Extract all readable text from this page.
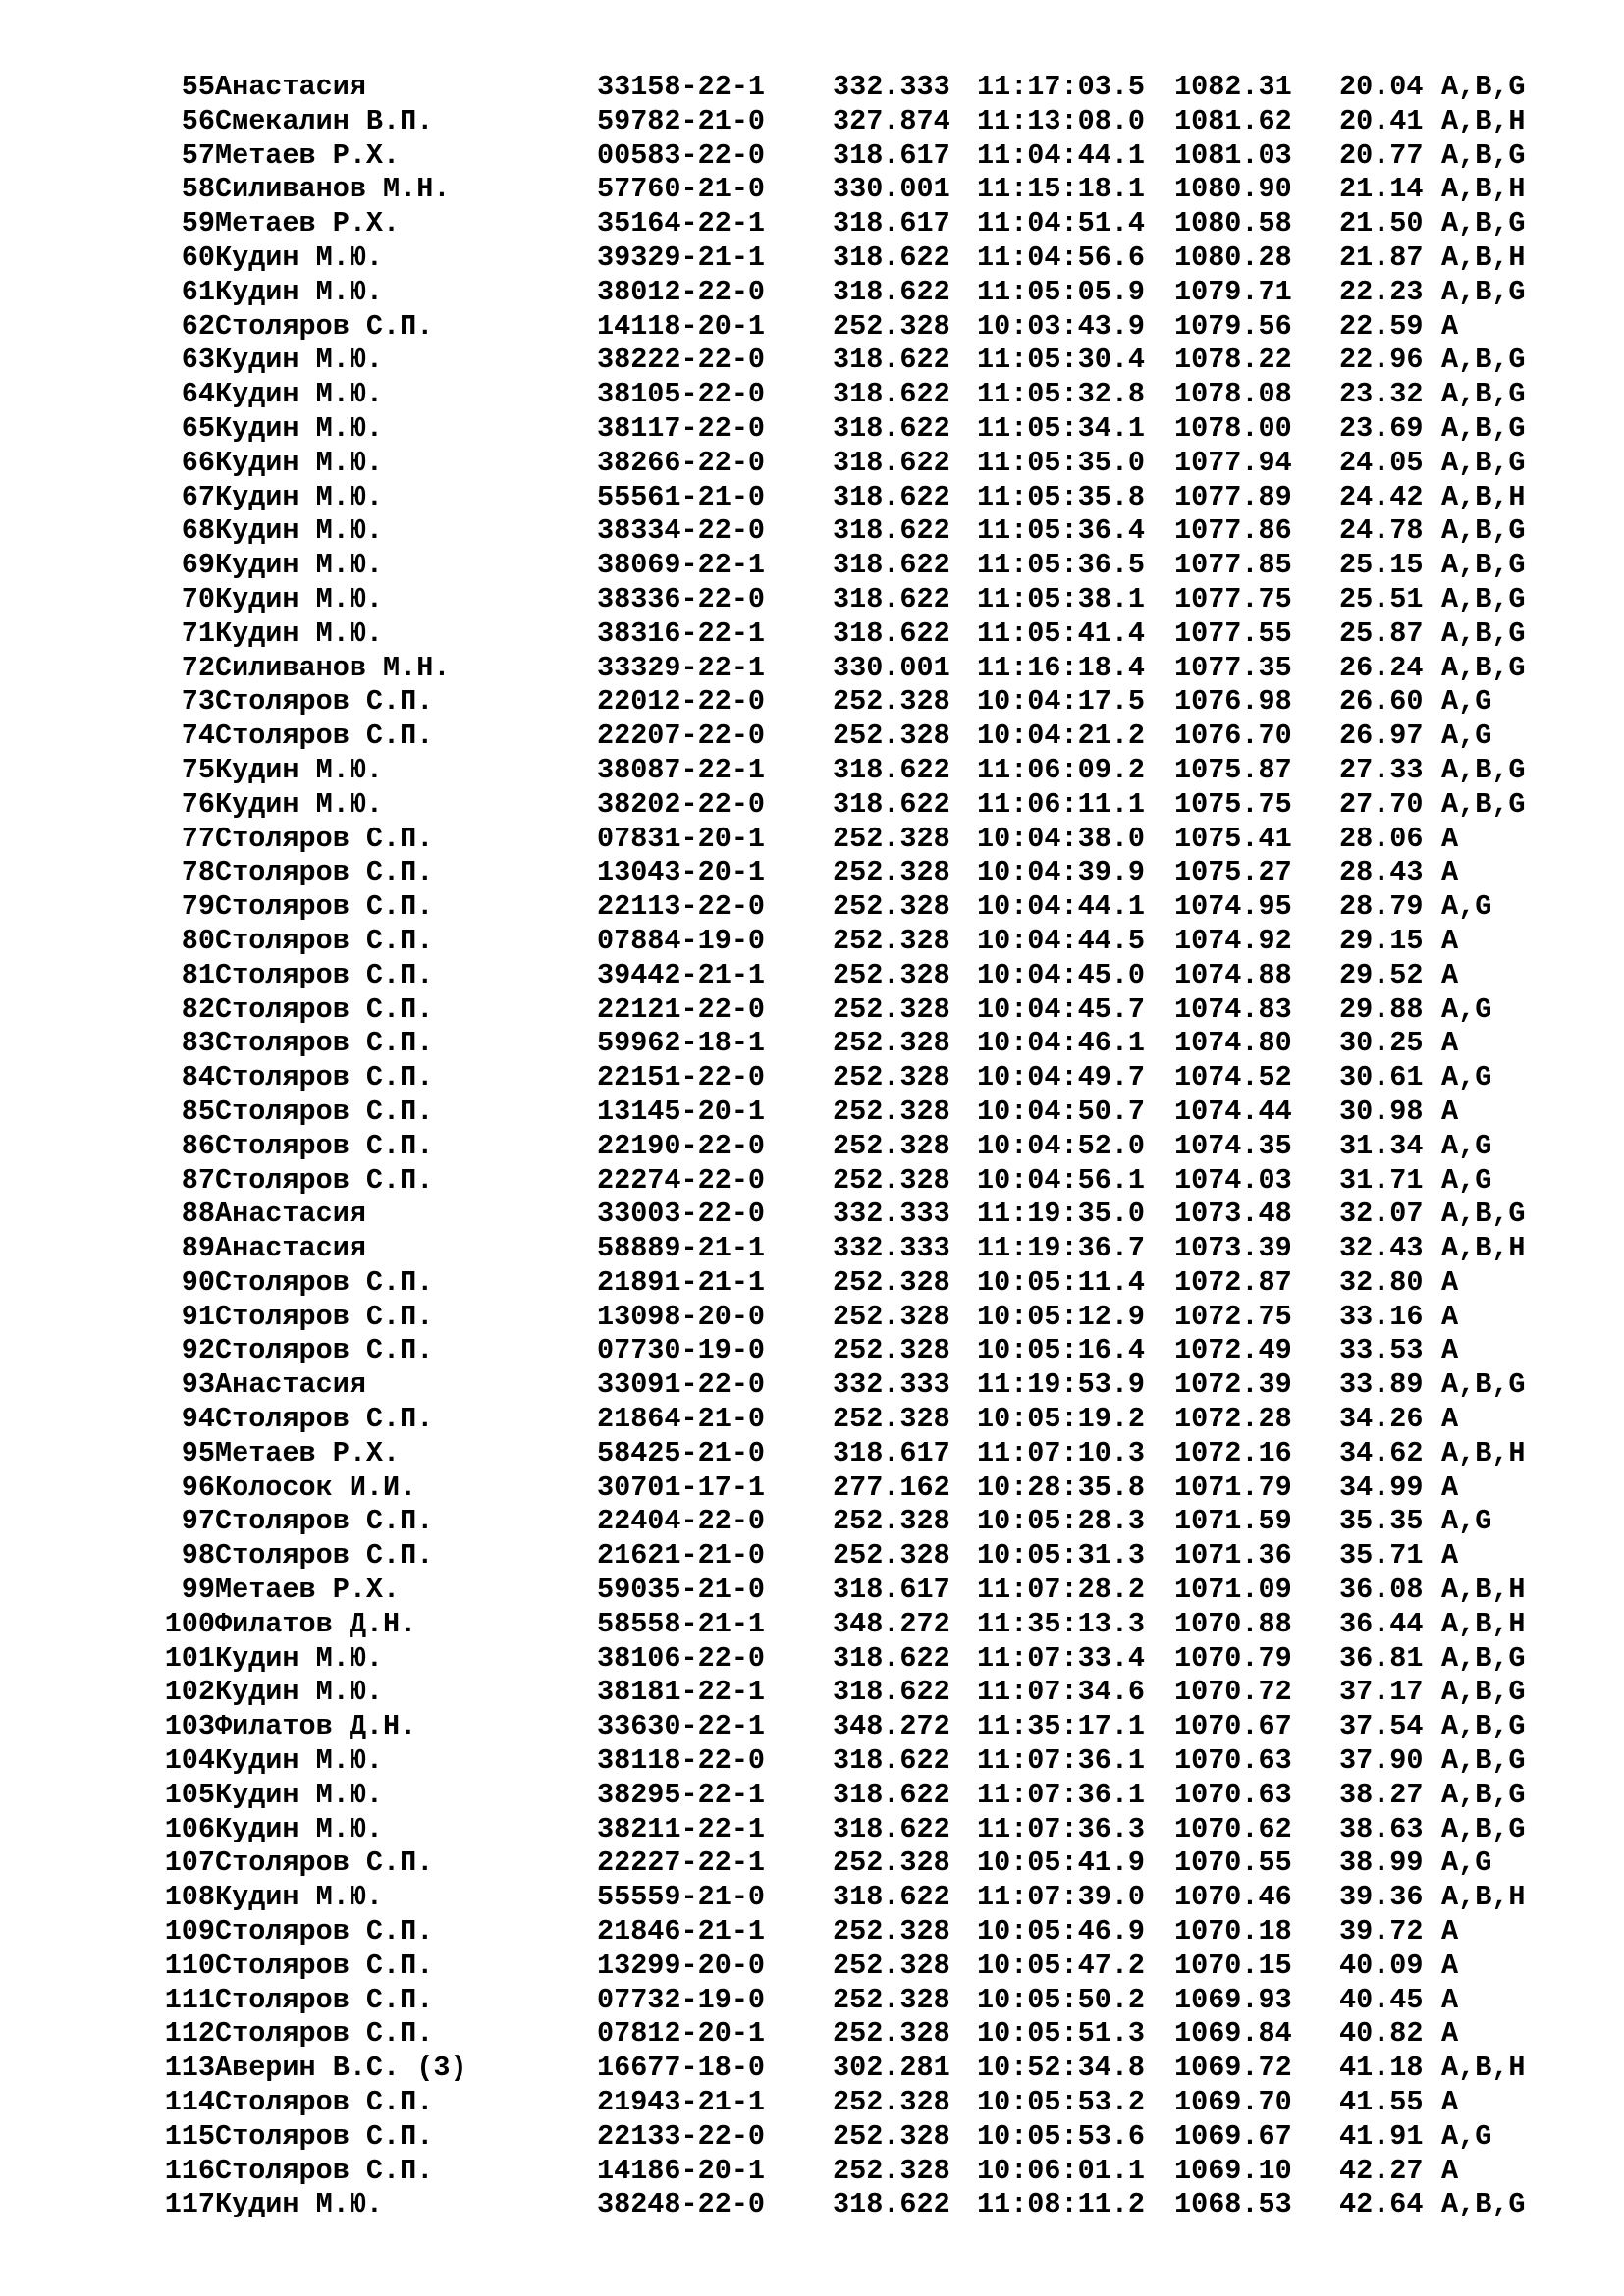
55 Анастасия	33158-22-1 332.333 11:17:03.5 1082.31 20.04 A,B,G
56 Смекалин В.П.	59782-21-0 327.874 11:13:08.0 1081.62 20.41 A,B,H
57 Метаев Р.Х.	00583-22-0 318.617 11:04:44.1 1081.03 20.77 A,B,G
58 Силиванов М.Н.	57760-21-0 330.001 11:15:18.1 1080.90 21.14 A,B,H
59 Метаев Р.Х.	35164-22-1 318.617 11:04:51.4 1080.58 21.50 A,B,G
60 Кудин М.Ю.	39329-21-1 318.622 11:04:56.6 1080.28 21.87 A,B,H
61 Кудин М.Ю.	38012-22-0 318.622 11:05:05.9 1079.71 22.23 A,B,G
62 Столяров С.П.	14118-20-1 252.328 10:03:43.9 1079.56 22.59 A
63 Кудин М.Ю.	38222-22-0 318.622 11:05:30.4 1078.22 22.96 A,B,G
64 Кудин М.Ю.	38105-22-0 318.622 11:05:32.8 1078.08 23.32 A,B,G
65 Кудин М.Ю.	38117-22-0 318.622 11:05:34.1 1078.00 23.69 A,B,G
66 Кудин М.Ю.	38266-22-0 318.622 11:05:35.0 1077.94 24.05 A,B,G
67 Кудин М.Ю.	55561-21-0 318.622 11:05:35.8 1077.89 24.42 A,B,H
68 Кудин М.Ю.	38334-22-0 318.622 11:05:36.4 1077.86 24.78 A,B,G
69 Кудин М.Ю.	38069-22-1 318.622 11:05:36.5 1077.85 25.15 A,B,G
70 Кудин М.Ю.	38336-22-0 318.622 11:05:38.1 1077.75 25.51 A,B,G
71 Кудин М.Ю.	38316-22-1 318.622 11:05:41.4 1077.55 25.87 A,B,G
72 Силиванов М.Н.	33329-22-1 330.001 11:16:18.4 1077.35 26.24 A,B,G
73 Столяров С.П.	22012-22-0 252.328 10:04:17.5 1076.98 26.60 A,G
74 Столяров С.П.	22207-22-0 252.328 10:04:21.2 1076.70 26.97 A,G
75 Кудин М.Ю.	38087-22-1 318.622 11:06:09.2 1075.87 27.33 A,B,G
76 Кудин М.Ю.	38202-22-0 318.622 11:06:11.1 1075.75 27.70 A,B,G
77 Столяров С.П.	07831-20-1 252.328 10:04:38.0 1075.41 28.06 A
78 Столяров С.П.	13043-20-1 252.328 10:04:39.9 1075.27 28.43 A
79 Столяров С.П.	22113-22-0 252.328 10:04:44.1 1074.95 28.79 A,G
80 Столяров С.П.	07884-19-0 252.328 10:04:44.5 1074.92 29.15 A
81 Столяров С.П.	39442-21-1 252.328 10:04:45.0 1074.88 29.52 A
82 Столяров С.П.	22121-22-0 252.328 10:04:45.7 1074.83 29.88 A,G
83 Столяров С.П.	59962-18-1 252.328 10:04:46.1 1074.80 30.25 A
84 Столяров С.П.	22151-22-0 252.328 10:04:49.7 1074.52 30.61 A,G
85 Столяров С.П.	13145-20-1 252.328 10:04:50.7 1074.44 30.98 A
86 Столяров С.П.	22190-22-0 252.328 10:04:52.0 1074.35 31.34 A,G
87 Столяров С.П.	22274-22-0 252.328 10:04:56.1 1074.03 31.71 A,G
88 Анастасия	33003-22-0 332.333 11:19:35.0 1073.48 32.07 A,B,G
89 Анастасия	58889-21-1 332.333 11:19:36.7 1073.39 32.43 A,B,H
90 Столяров С.П.	21891-21-1 252.328 10:05:11.4 1072.87 32.80 A
91 Столяров С.П.	13098-20-0 252.328 10:05:12.9 1072.75 33.16 A
92 Столяров С.П.	07730-19-0 252.328 10:05:16.4 1072.49 33.53 A
93 Анастасия	33091-22-0 332.333 11:19:53.9 1072.39 33.89 A,B,G
94 Столяров С.П.	21864-21-0 252.328 10:05:19.2 1072.28 34.26 A
95 Метаев Р.Х.	58425-21-0 318.617 11:07:10.3 1072.16 34.62 A,B,H
96 Колосок И.И.	30701-17-1 277.162 10:28:35.8 1071.79 34.99 A
97 Столяров С.П.	22404-22-0 252.328 10:05:28.3 1071.59 35.35 A,G
98 Столяров С.П.	21621-21-0 252.328 10:05:31.3 1071.36 35.71 A
99 Метаев Р.Х.	59035-21-0 318.617 11:07:28.2 1071.09 36.08 A,B,H
100 Филатов Д.Н.	58558-21-1 348.272 11:35:13.3 1070.88 36.44 A,B,H
101 Кудин М.Ю.	38106-22-0 318.622 11:07:33.4 1070.79 36.81 A,B,G
102 Кудин М.Ю.	38181-22-1 318.622 11:07:34.6 1070.72 37.17 A,B,G
103 Филатов Д.Н.	33630-22-1 348.272 11:35:17.1 1070.67 37.54 A,B,G
104 Кудин М.Ю.	38118-22-0 318.622 11:07:36.1 1070.63 37.90 A,B,G
105 Кудин М.Ю.	38295-22-1 318.622 11:07:36.1 1070.63 38.27 A,B,G
106 Кудин М.Ю.	38211-22-1 318.622 11:07:36.3 1070.62 38.63 A,B,G
107 Столяров С.П.	22227-22-1 252.328 10:05:41.9 1070.55 38.99 A,G
108 Кудин М.Ю.	55559-21-0 318.622 11:07:39.0 1070.46 39.36 A,B,H
109 Столяров С.П.	21846-21-1 252.328 10:05:46.9 1070.18 39.72 A
110 Столяров С.П.	13299-20-0 252.328 10:05:47.2 1070.15 40.09 A
111 Столяров С.П.	07732-19-0 252.328 10:05:50.2 1069.93 40.45 A
112 Столяров С.П.	07812-20-1 252.328 10:05:51.3 1069.84 40.82 A
113 Аверин В.С. (3)	16677-18-0 302.281 10:52:34.8 1069.72 41.18 A,B,H
114 Столяров С.П.	21943-21-1 252.328 10:05:53.2 1069.70 41.55 A
115 Столяров С.П.	22133-22-0 252.328 10:05:53.6 1069.67 41.91 A,G
116 Столяров С.П.	14186-20-1 252.328 10:06:01.1 1069.10 42.27 A
117 Кудин М.Ю.	38248-22-0 318.622 11:08:11.2 1068.53 42.64 A,B,G
